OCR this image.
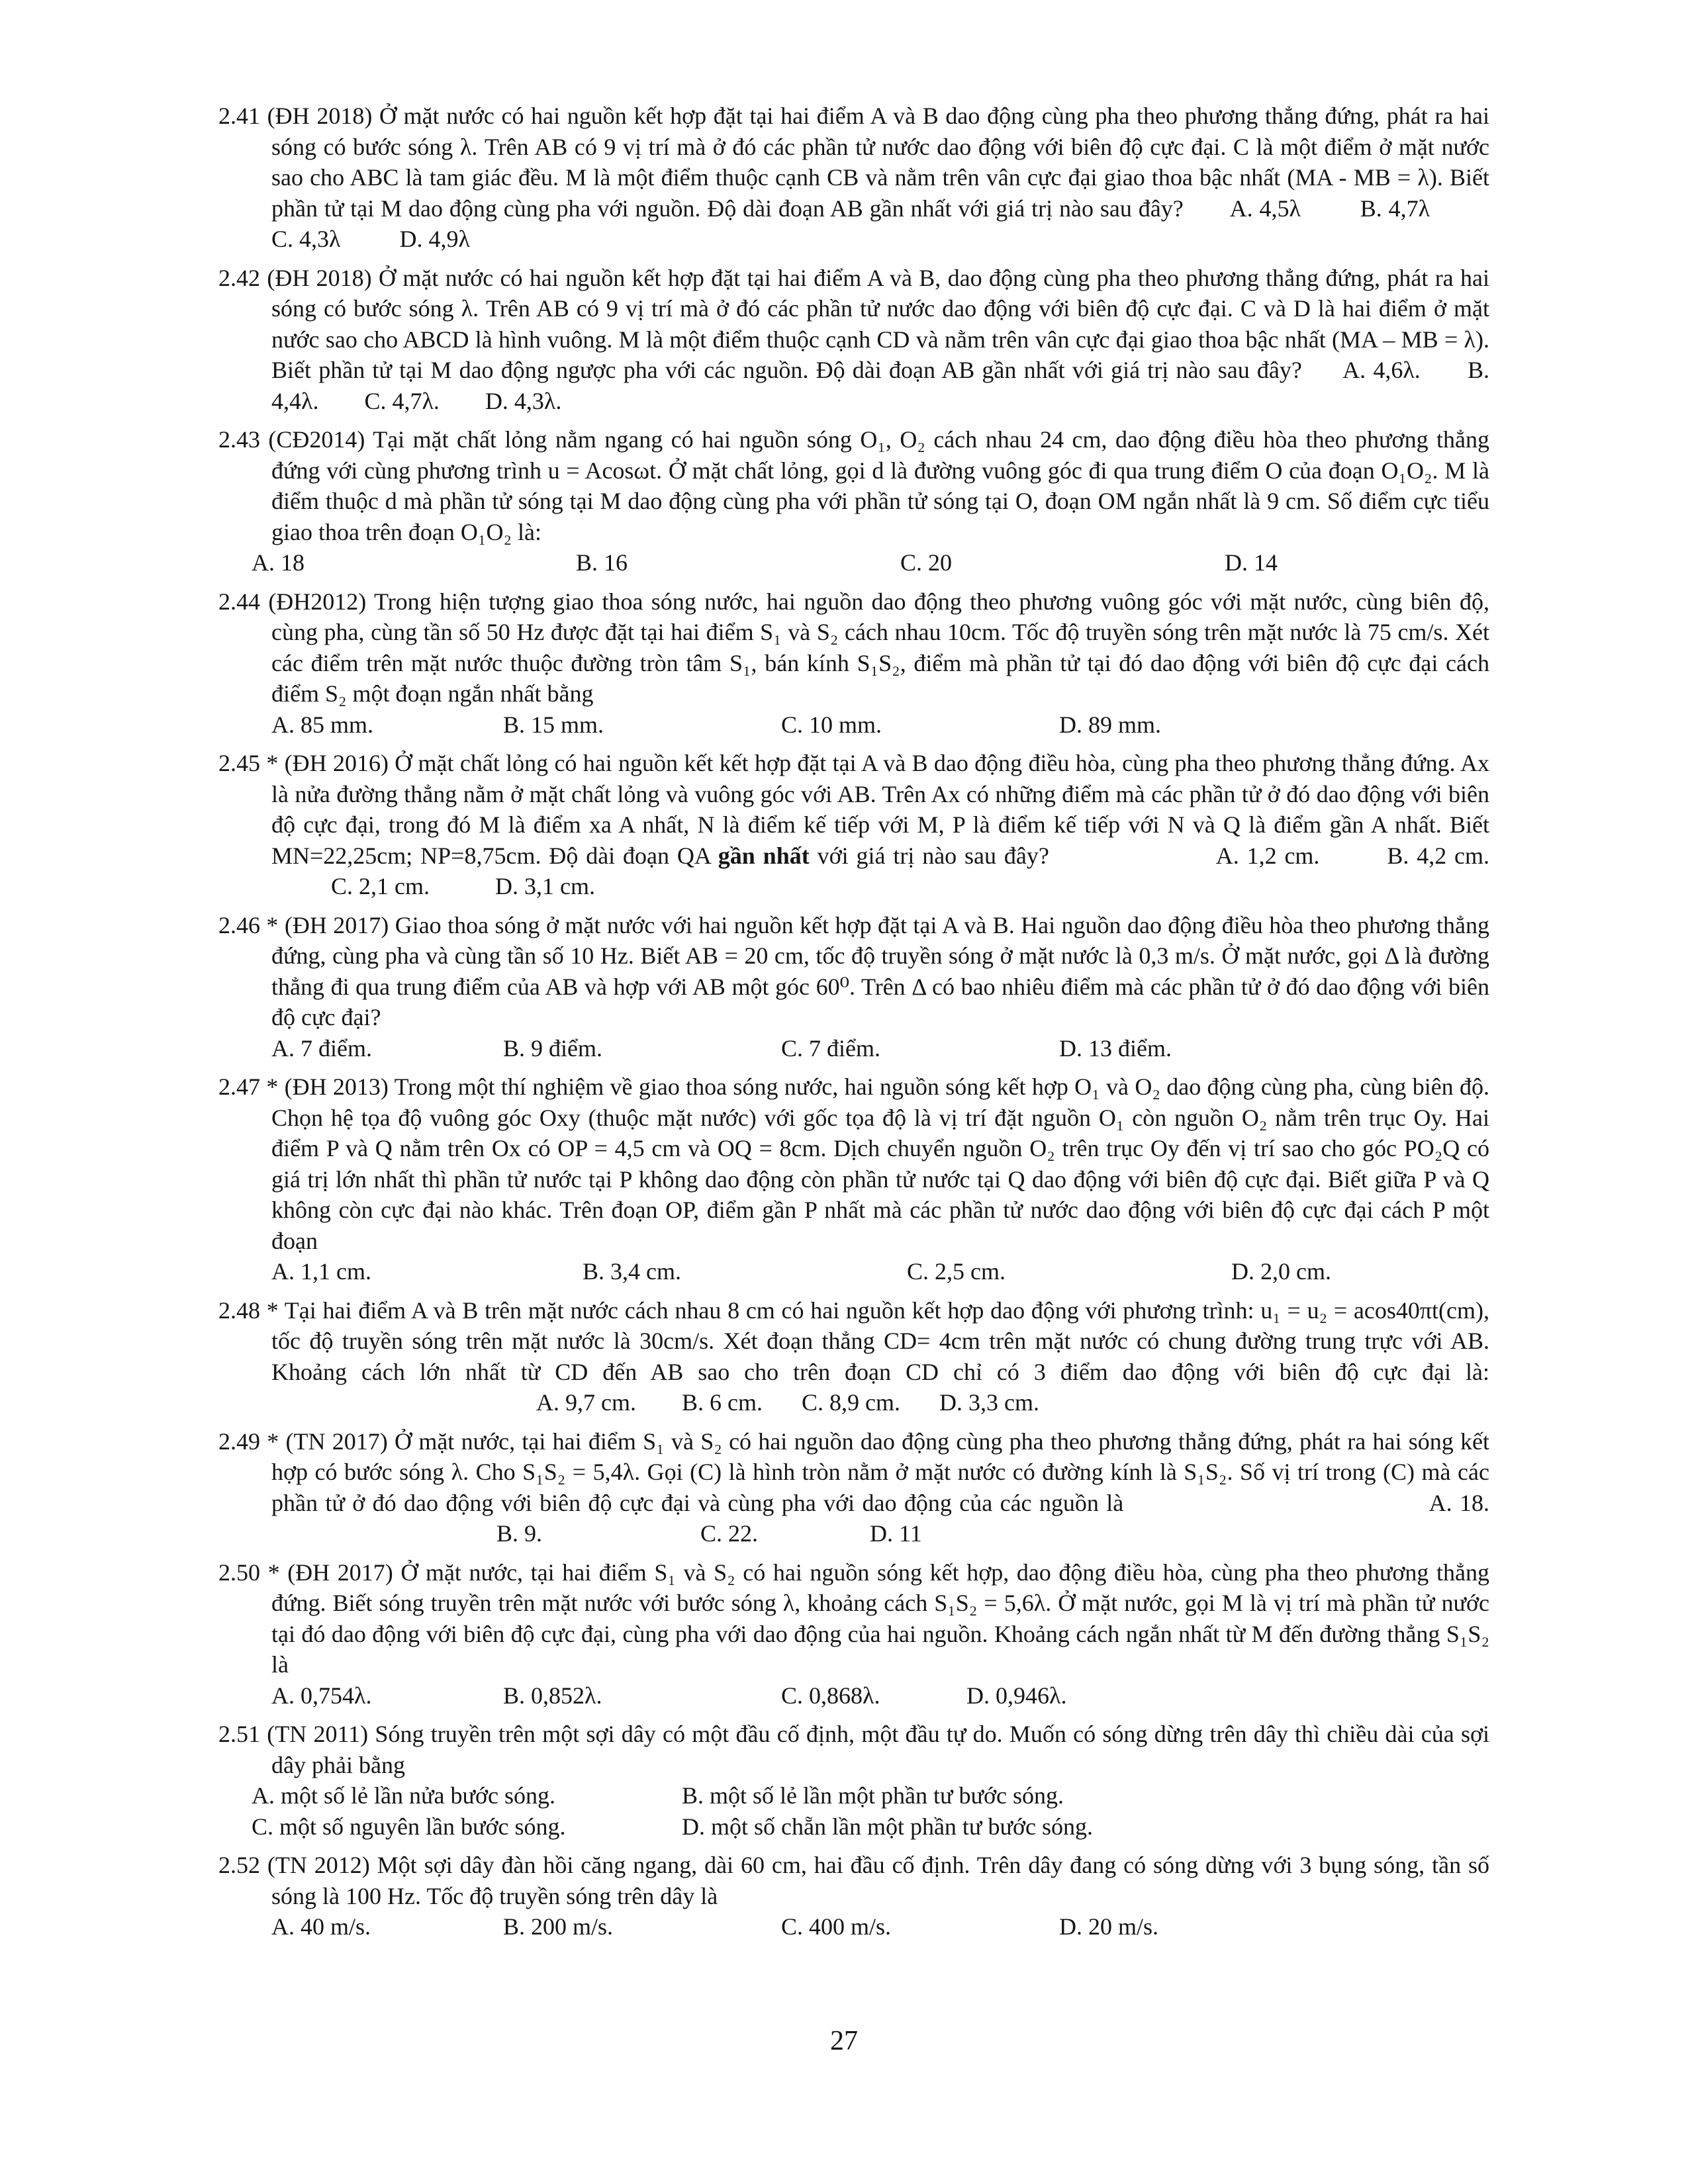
2.41 (ĐH 2018) Ở mặt nước có hai nguồn kết hợp đặt tại hai điểm A và B dao động cùng pha theo phương thẳng đứng, phát ra hai sóng có bước sóng λ. Trên AB có 9 vị trí mà ở đó các phần tử nước dao động với biên độ cực đại. C là một điểm ở mặt nước sao cho ABC là tam giác đều. M là một điểm thuộc cạnh CB và nằm trên vân cực đại giao thoa bậc nhất (MA - MB = λ). Biết phần tử tại M dao động cùng pha với nguồn. Độ dài đoạn AB gần nhất với giá trị nào sau đây? A. 4,5λ B. 4,7λ C. 4,3λ D. 4,9λ
2.42 (ĐH 2018) Ở mặt nước có hai nguồn kết hợp đặt tại hai điểm A và B, dao động cùng pha theo phương thẳng đứng, phát ra hai sóng có bước sóng λ. Trên AB có 9 vị trí mà ở đó các phần tử nước dao động với biên độ cực đại. C và D là hai điểm ở mặt nước sao cho ABCD là hình vuông. M là một điểm thuộc cạnh CD và nằm trên vân cực đại giao thoa bậc nhất (MA – MB = λ). Biết phần tử tại M dao động ngược pha với các nguồn. Độ dài đoạn AB gần nhất với giá trị nào sau đây? A. 4,6λ. B. 4,4λ. C. 4,7λ. D. 4,3λ.
2.43 (CĐ2014) Tại mặt chất lỏng nằm ngang có hai nguồn sóng O₁, O₂ cách nhau 24 cm, dao động điều hòa theo phương thẳng đứng với cùng phương trình u = Acosωt. Ở mặt chất lỏng, gọi d là đường vuông góc đi qua trung điểm O của đoạn O₁O₂. M là điểm thuộc d mà phần tử sóng tại M dao động cùng pha với phần tử sóng tại O, đoạn OM ngắn nhất là 9 cm. Số điểm cực tiểu giao thoa trên đoạn O₁O₂ là:
A. 18	B. 16	C. 20	D. 14
2.44 (ĐH2012) Trong hiện tượng giao thoa sóng nước, hai nguồn dao động theo phương vuông góc với mặt nước, cùng biên độ, cùng pha, cùng tần số 50 Hz được đặt tại hai điểm S₁ và S₂ cách nhau 10cm. Tốc độ truyền sóng trên mặt nước là 75 cm/s. Xét các điểm trên mặt nước thuộc đường tròn tâm S₁, bán kính S₁S₂, điểm mà phần tử tại đó dao động với biên độ cực đại cách điểm S₂ một đoạn ngắn nhất bằng
A. 85 mm.	B. 15 mm.	C. 10 mm.	D. 89 mm.
2.45 * (ĐH 2016) Ở mặt chất lỏng có hai nguồn kết kết hợp đặt tại A và B dao động điều hòa, cùng pha theo phương thẳng đứng. Ax là nửa đường thẳng nằm ở mặt chất lỏng và vuông góc với AB. Trên Ax có những điểm mà các phần tử ở đó dao động với biên độ cực đại, trong đó M là điểm xa A nhất, N là điểm kế tiếp với M, P là điểm kế tiếp với N và Q là điểm gần A nhất. Biết MN=22,25cm; NP=8,75cm. Độ dài đoạn QA gần nhất với giá trị nào sau đây?	A. 1,2 cm.	B. 4,2 cm. C. 2,1 cm.	D. 3,1 cm.
2.46 * (ĐH 2017) Giao thoa sóng ở mặt nước với hai nguồn kết hợp đặt tại A và B. Hai nguồn dao động điều hòa theo phương thẳng đứng, cùng pha và cùng tần số 10 Hz. Biết AB = 20 cm, tốc độ truyền sóng ở mặt nước là 0,3 m/s. Ở mặt nước, gọi Δ là đường thẳng đi qua trung điểm của AB và hợp với AB một góc 60⁰. Trên Δ có bao nhiêu điểm mà các phần tử ở đó dao động với biên độ cực đại?
A. 7 điểm.	B. 9 điểm.	C. 7 điểm.	D. 13 điểm.
2.47 * (ĐH 2013) Trong một thí nghiệm về giao thoa sóng nước, hai nguồn sóng kết hợp O₁ và O₂ dao động cùng pha, cùng biên độ. Chọn hệ tọa độ vuông góc Oxy (thuộc mặt nước) với gốc tọa độ là vị trí đặt nguồn O₁ còn nguồn O₂ nằm trên trục Oy. Hai điểm P và Q nằm trên Ox có OP = 4,5 cm và OQ = 8cm. Dịch chuyển nguồn O₂ trên trục Oy đến vị trí sao cho góc PO₂Q có giá trị lớn nhất thì phần tử nước tại P không dao động còn phần tử nước tại Q dao động với biên độ cực đại. Biết giữa P và Q không còn cực đại nào khác. Trên đoạn OP, điểm gần P nhất mà các phần tử nước dao động với biên độ cực đại cách P một đoạn
A. 1,1 cm.	B. 3,4 cm.	C. 2,5 cm.	D. 2,0 cm.
2.48 * Tại hai điểm A và B trên mặt nước cách nhau 8 cm có hai nguồn kết hợp dao động với phương trình: u₁ = u₂ = acos40πt(cm), tốc độ truyền sóng trên mặt nước là 30cm/s. Xét đoạn thẳng CD= 4cm trên mặt nước có chung đường trung trực với AB. Khoảng cách lớn nhất từ CD đến AB sao cho trên đoạn CD chỉ có 3 điểm dao động với biên độ cực đại là: A. 9,7 cm. B. 6 cm. C. 8,9 cm. D. 3,3 cm.
2.49 * (TN 2017) Ở mặt nước, tại hai điểm S₁ và S₂ có hai nguồn dao động cùng pha theo phương thẳng đứng, phát ra hai sóng kết hợp có bước sóng λ. Cho S₁S₂ = 5,4λ. Gọi (C) là hình tròn nằm ở mặt nước có đường kính là S₁S₂. Số vị trí trong (C) mà các phần tử ở đó dao động với biên độ cực đại và cùng pha với dao động của các nguồn là	A. 18. B. 9.	C. 22.	D. 11
2.50 * (ĐH 2017) Ở mặt nước, tại hai điểm S₁ và S₂ có hai nguồn sóng kết hợp, dao động điều hòa, cùng pha theo phương thẳng đứng. Biết sóng truyền trên mặt nước với bước sóng λ, khoảng cách S₁S₂ = 5,6λ. Ở mặt nước, gọi M là vị trí mà phần tử nước tại đó dao động với biên độ cực đại, cùng pha với dao động của hai nguồn. Khoảng cách ngắn nhất từ M đến đường thẳng S₁S₂ là
A. 0,754λ.	B. 0,852λ.	C. 0,868λ.	D. 0,946λ.
2.51 (TN 2011) Sóng truyền trên một sợi dây có một đầu cố định, một đầu tự do. Muốn có sóng dừng trên dây thì chiều dài của sợi dây phải bằng
A. một số lẻ lần nửa bước sóng.	B. một số lẻ lần một phần tư bước sóng.
C. một số nguyên lần bước sóng.	D. một số chẵn lần một phần tư bước sóng.
2.52 (TN 2012) Một sợi dây đàn hồi căng ngang, dài 60 cm, hai đầu cố định. Trên dây đang có sóng dừng với 3 bụng sóng, tần số sóng là 100 Hz. Tốc độ truyền sóng trên dây là
A. 40 m/s.	B. 200 m/s.	C. 400 m/s.	D. 20 m/s.
27
